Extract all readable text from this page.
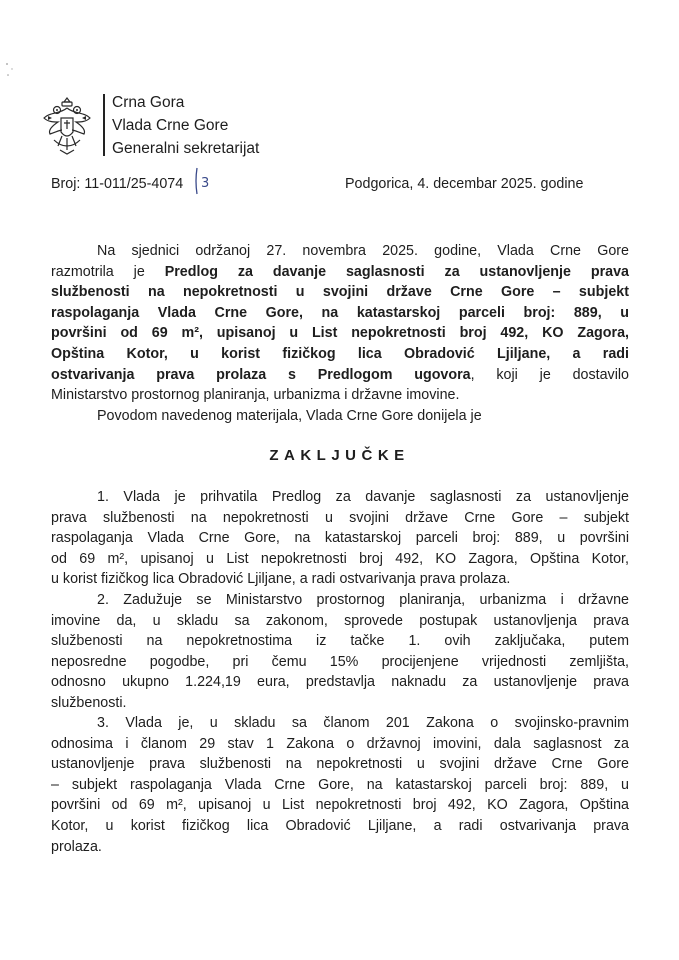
Crna Gora
Vlada Crne Gore
Generalni sekretarijat
Broj: 11-011/25-4074 3	Podgorica, 4. decembar 2025. godine
Na sjednici održanoj 27. novembra 2025. godine, Vlada Crne Gore
razmotrila je Predlog za davanje saglasnosti za ustanovljenje prava
službenosti na nepokretnosti u svojini države Crne Gore – subjekt
raspolaganja Vlada Crne Gore, na katastarskoj parceli broj: 889, u
površini od 69 m², upisanoj u List nepokretnosti broj 492, KO Zagora,
Opština Kotor, u korist fizičkog lica Obradović Ljiljane, a radi
ostvarivanja prava prolaza s Predlogom ugovora, koji je dostavilo
Ministarstvo prostornog planiranja, urbanizma i državne imovine.
Povodom navedenog materijala, Vlada Crne Gore donijela je
ZAKLJUČKE
1. Vlada je prihvatila Predlog za davanje saglasnosti za ustanovljenje
prava službenosti na nepokretnosti u svojini države Crne Gore – subjekt
raspolaganja Vlada Crne Gore, na katastarskoj parceli broj: 889, u površini
od 69 m², upisanoj u List nepokretnosti broj 492, KO Zagora, Opština Kotor,
u korist fizičkog lica Obradović Ljiljane, a radi ostvarivanja prava prolaza.
2. Zadužuje se Ministarstvo prostornog planiranja, urbanizma i državne
imovine da, u skladu sa zakonom, sprovede postupak ustanovljenja prava
službenosti na nepokretnostima iz tačke 1. ovih zaključaka, putem
neposredne pogodbe, pri čemu 15% procijenjene vrijednosti zemljišta,
odnosno ukupno 1.224,19 eura, predstavlja naknadu za ustanovljenje prava
službenosti.
3. Vlada je, u skladu sa članom 201 Zakona o svojinsko-pravnim
odnosima i članom 29 stav 1 Zakona o državnoj imovini, dala saglasnost za
ustanovljenje prava službenosti na nepokretnosti u svojini države Crne Gore
– subjekt raspolaganja Vlada Crne Gore, na katastarskoj parceli broj: 889, u
površini od 69 m², upisanoj u List nepokretnosti broj 492, KO Zagora, Opština
Kotor, u korist fizičkog lica Obradović Ljiljane, a radi ostvarivanja prava
prolaza.
